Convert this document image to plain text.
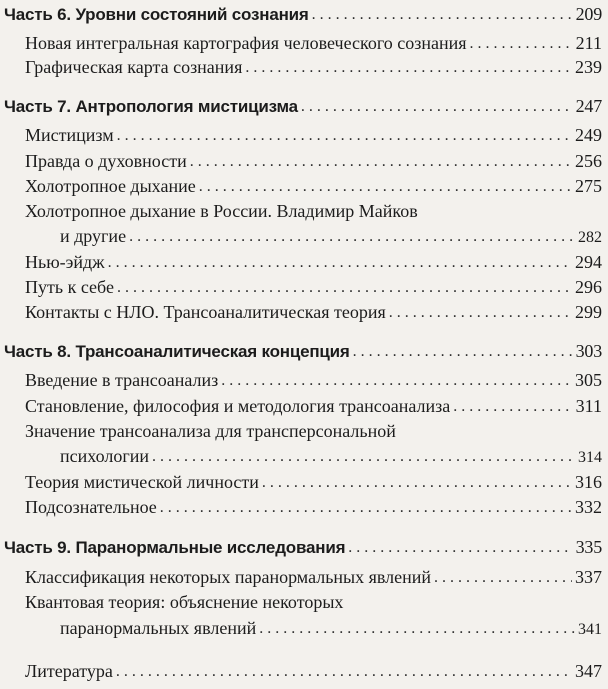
Часть 6. Уровни состояний сознания . . .	209
Новая интегральная картография человеческого сознания . . .	211
Графическая карта сознания . . .	239
Часть 7. Антропология мистицизма . . .	247
Мистицизм . . .	249
Правда о духовности . . .	256
Холотропное дыхание . . .	275
Холотропное дыхание в России. Владимир Майков
и другие . . .	282
Нью-эйдж . . .	294
Путь к себе . . .	296
Контакты с НЛО. Трансоаналитическая теория . . .	299
Часть 8. Трансоаналитическая концепция . . .	303
Введение в трансоанализ . . .	305
Становление, философия и методология трансоанализа . . .	311
Значение трансоанализа для трансперсональной
психологии . . .	314
Теория мистической личности . . .	316
Подсознательное . . .	332
Часть 9. Паранормальные исследования . . .	335
Классификация некоторых паранормальных явлений . . .	337
Квантовая теория: объяснение некоторых
паранормальных явлений . . .	341
Литература . . .	347
